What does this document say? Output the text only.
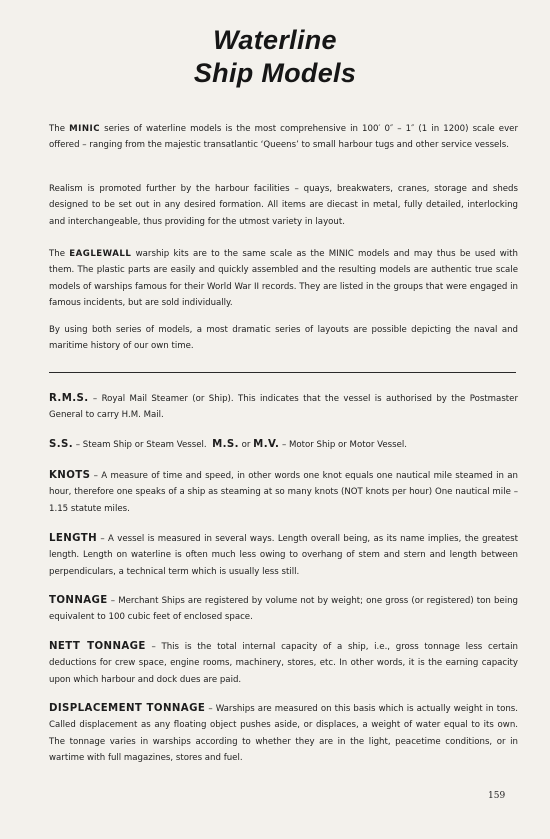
Waterline
Ship Models

The MINIC series of waterline models is the most comprehensive in 100′ 0″ – 1″ (1 in 1200) scale ever offered – ranging from the majestic transatlantic ‘Queens’ to small harbour tugs and other service vessels.

Realism is promoted further by the harbour facilities – quays, breakwaters, cranes, storage and sheds designed to be set out in any desired formation. All items are diecast in metal, fully detailed, interlocking and interchangeable, thus providing for the utmost variety in layout.

The EAGLEWALL warship kits are to the same scale as the MINIC models and may thus be used with them. The plastic parts are easily and quickly assembled and the resulting models are authentic true scale models of warships famous for their World War II records. They are listed in the groups that were engaged in famous incidents, but are sold individually.

By using both series of models, a most dramatic series of layouts are possible depicting the naval and maritime history of our own time.

R.M.S. – Royal Mail Steamer (or Ship). This indicates that the vessel is authorised by the Postmaster General to carry H.M. Mail.

S.S. – Steam Ship or Steam Vessel. M.S. or M.V. – Motor Ship or Motor Vessel.

KNOTS – A measure of time and speed, in other words one knot equals one nautical mile steamed in an hour, therefore one speaks of a ship as steaming at so many knots (NOT knots per hour) One nautical mile – 1.15 statute miles.

LENGTH – A vessel is measured in several ways. Length overall being, as its name implies, the greatest length. Length on waterline is often much less owing to overhang of stem and stern and length between perpendiculars, a technical term which is usually less still.

TONNAGE – Merchant Ships are registered by volume not by weight; one gross (or registered) ton being equivalent to 100 cubic feet of enclosed space.

NETT TONNAGE – This is the total internal capacity of a ship, i.e., gross tonnage less certain deductions for crew space, engine rooms, machinery, stores, etc. In other words, it is the earning capacity upon which harbour and dock dues are paid.

DISPLACEMENT TONNAGE – Warships are measured on this basis which is actually weight in tons. Called displacement as any floating object pushes aside, or displaces, a weight of water equal to its own. The tonnage varies in warships according to whether they are in the light, peacetime conditions, or in wartime with full magazines, stores and fuel.

159
